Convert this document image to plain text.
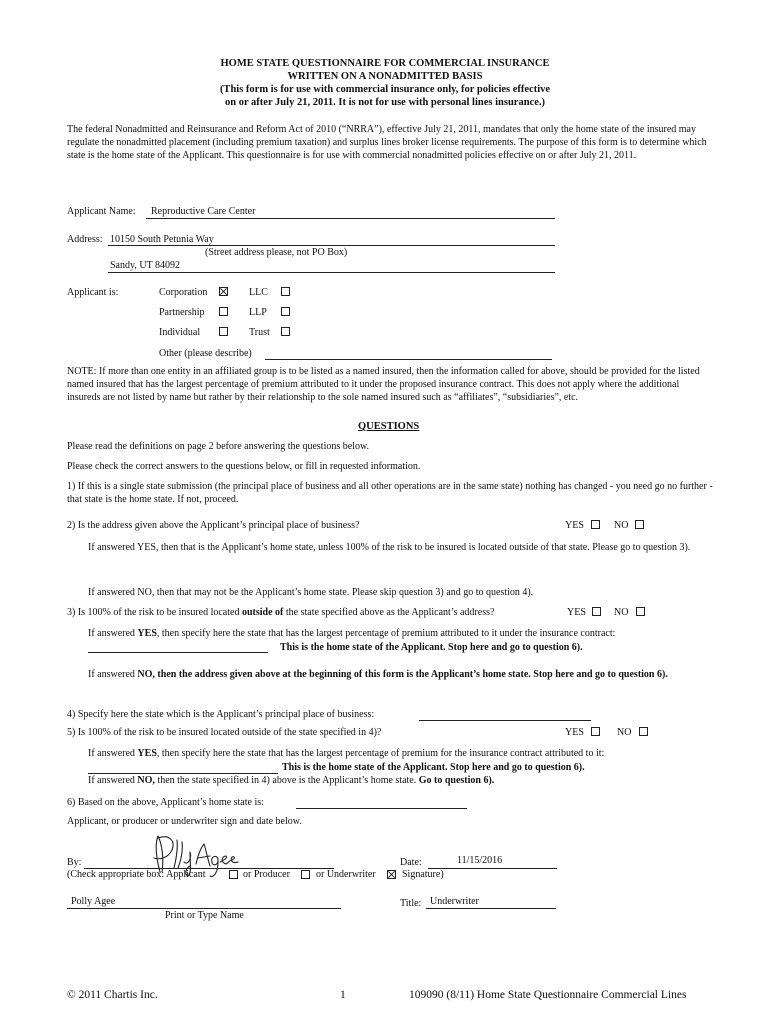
HOME STATE QUESTIONNAIRE FOR COMMERCIAL INSURANCE
WRITTEN ON A NONADMITTED BASIS
(This form is for use with commercial insurance only, for policies effective
on or after July 21, 2011. It is not for use with personal lines insurance.)
The federal Nonadmitted and Reinsurance and Reform Act of 2010 (“NRRA”), effective July 21, 2011, mandates that only the home state of the insured may regulate the nonadmitted placement (including premium taxation) and surplus lines broker license requirements. The purpose of this form is to determine which state is the home state of the Applicant. This questionnaire is for use with commercial nonadmitted policies effective on or after July 21, 2011.
Applicant Name: Reproductive Care Center
Address: 10150 South Petunia Way
(Street address please, not PO Box)
Sandy, UT 84092
Applicant is:	Corporation	LLC
Partnership	LLP
Individual	Trust
Other (please describe)
NOTE: If more than one entity in an affiliated group is to be listed as a named insured, then the information called for above, should be provided for the listed named insured that has the largest percentage of premium attributed to it under the proposed insurance contract. This does not apply where the additional insureds are not listed by name but rather by their relationship to the sole named insured such as “affiliates”, “subsidiaries”, etc.
QUESTIONS
Please read the definitions on page 2 before answering the questions below.
Please check the correct answers to the questions below, or fill in requested information.
1) If this is a single state submission (the principal place of business and all other operations are in the same state) nothing has changed - you need go no further - that state is the home state. If not, proceed.
2) Is the address given above the Applicant’s principal place of business?	YES	NO
If answered YES, then that is the Applicant’s home state, unless 100% of the risk to be insured is located outside of that state. Please go to question 3).
If answered NO, then that may not be the Applicant’s home state. Please skip question 3) and go to question 4).
3) Is 100% of the risk to be insured located outside of the state specified above as the Applicant’s address?	YES	NO
If answered YES, then specify here the state that has the largest percentage of premium attributed to it under the insurance contract:
This is the home state of the Applicant. Stop here and go to question 6).
If answered NO, then the address given above at the beginning of this form is the Applicant’s home state. Stop here and go to question 6).
4) Specify here the state which is the Applicant’s principal place of business:
5) Is 100% of the risk to be insured located outside of the state specified in 4)?	YES	NO
If answered YES, then specify here the state that has the largest percentage of premium for the insurance contract attributed to it:
This is the home state of the Applicant. Stop here and go to question 6).
If answered NO, then the state specified in 4) above is the Applicant’s home state. Go to question 6).
6) Based on the above, Applicant’s home state is:
Applicant, or producer or underwriter sign and date below.
By:	Date:	11/15/2016
(Check appropriate box: Applicant	or Producer	or Underwriter	Signature)
Polly Agee
Print or Type Name
Title: Underwriter
© 2011 Chartis Inc.	1	109090 (8/11) Home State Questionnaire Commercial Lines
